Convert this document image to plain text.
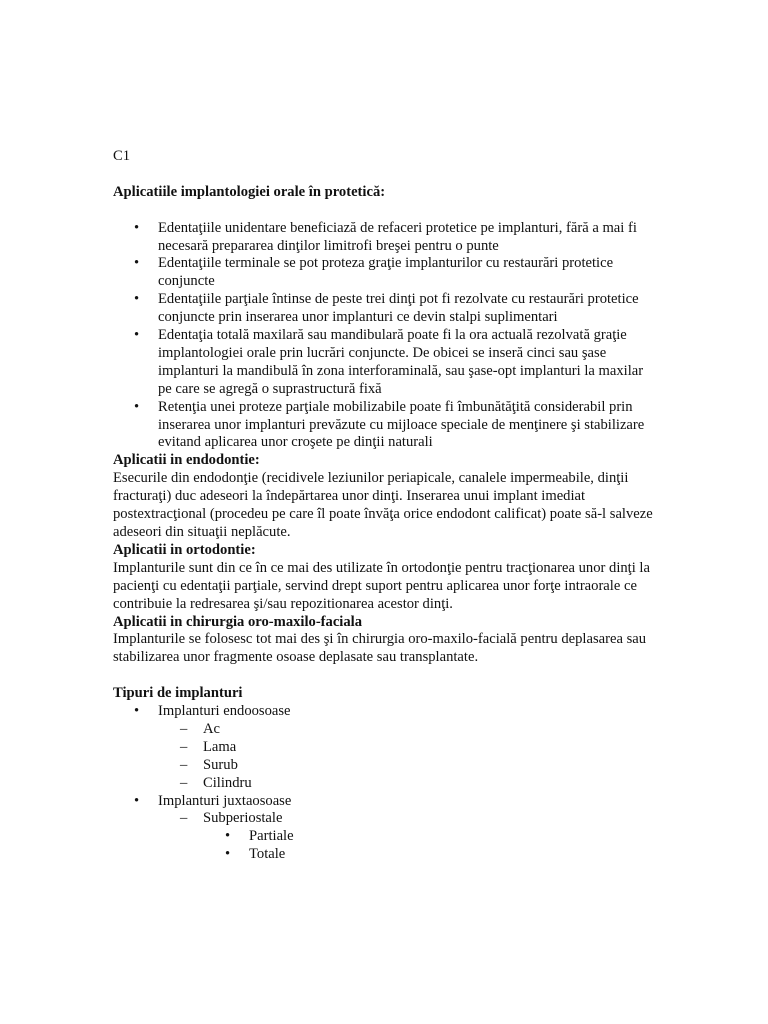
C1

Aplicatiile implantologiei orale în protetică:
• Edentaţiile unidentare beneficiază de refaceri protetice pe implanturi, fără a mai fi necesară prepararea dinţilor limitrofi breşei pentru o punte
• Edentaţiile terminale se pot proteza graţie implanturilor cu restaurări protetice conjuncte
• Edentaţiile parţiale întinse de peste trei dinţi pot fi rezolvate cu restaurări protetice conjuncte prin inserarea unor implanturi ce devin stalpi suplimentari
• Edentaţia totală maxilară sau mandibulară poate fi la ora actuală rezolvată graţie implantologiei orale prin lucrări conjuncte. De obicei se inseră cinci sau şase implanturi la mandibulă în zona interforaminală, sau şase-opt implanturi la maxilar pe care se agregă o suprastructură fixă
• Retenţia unei proteze parţiale mobilizabile poate fi îmbunătăţită considerabil prin inserarea unor implanturi prevăzute cu mijloace speciale de menţinere şi stabilizare evitand aplicarea unor croşete pe dinţii naturali
Aplicatii in endodontie:

Esecurile din endodonţie (recidivele leziunilor periapicale, canalele impermeabile, dinţii fracturaţi) duc adeseori la îndepărtarea unor dinţi. Inserarea unui implant imediat postextracţional (procedeu pe care îl poate învăţa orice endodont calificat) poate să-l salveze adeseori din situaţii neplăcute.

Aplicatii in ortodontie:

Implanturile sunt din ce în ce mai des utilizate în ortodonţie pentru tracţionarea unor dinţi la pacienţi cu edentaţii parţiale, servind drept suport pentru aplicarea unor forţe intraorale ce contribuie la redresarea şi/sau repozitionarea acestor dinţi.

Aplicatii in chirurgia oro-maxilo-faciala

Implanturile se folosesc tot mai des şi în chirurgia oro-maxilo-facială pentru deplasarea sau stabilizarea unor fragmente osoase deplasate sau transplantate.

Tipuri de implanturi
• Implanturi endoosoase
– Ac
– Lama
– Surub
– Cilindru
• Implanturi juxtaosoase
– Subperiostale
• Partiale
• Totale
